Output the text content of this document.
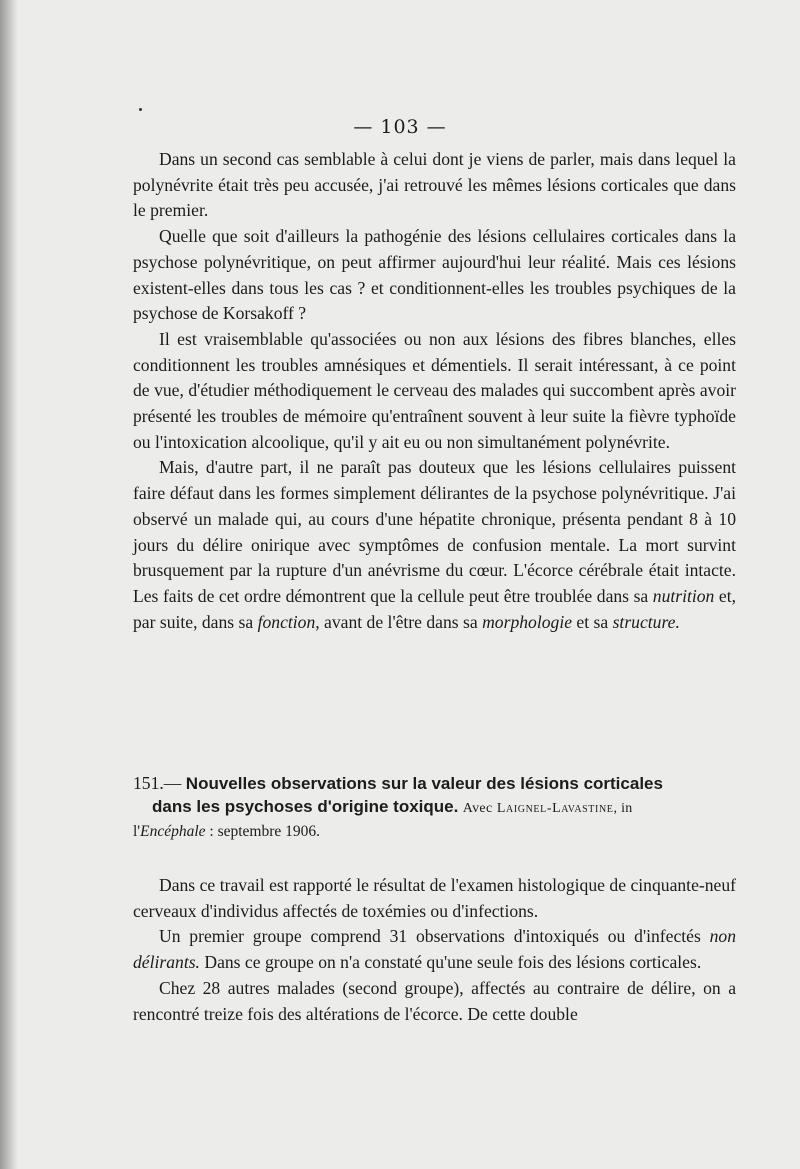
— 103 —

Dans un second cas semblable à celui dont je viens de parler, mais dans lequel la polynévrite était très peu accusée, j'ai retrouvé les mêmes lésions corticales que dans le premier.

Quelle que soit d'ailleurs la pathogénie des lésions cellulaires corticales dans la psychose polynévritique, on peut affirmer aujourd'hui leur réalité. Mais ces lésions existent-elles dans tous les cas ? et conditionnent-elles les troubles psychiques de la psychose de Korsakoff ?

Il est vraisemblable qu'associées ou non aux lésions des fibres blanches, elles conditionnent les troubles amnésiques et démentiels. Il serait intéressant, à ce point de vue, d'étudier méthodiquement le cerveau des malades qui succombent après avoir présenté les troubles de mémoire qu'entraînent souvent à leur suite la fièvre typhoïde ou l'intoxication alcoolique, qu'il y ait eu ou non simultanément polynévrite.

Mais, d'autre part, il ne paraît pas douteux que les lésions cellulaires puissent faire défaut dans les formes simplement délirantes de la psychose polynévritique. J'ai observé un malade qui, au cours d'une hépatite chronique, présenta pendant 8 à 10 jours du délire onirique avec symptômes de confusion mentale. La mort survint brusquement par la rupture d'un anévrisme du cœur. L'écorce cérébrale était intacte. Les faits de cet ordre démontrent que la cellule peut être troublée dans sa nutrition et, par suite, dans sa fonction, avant de l'être dans sa morphologie et sa structure.

151.— Nouvelles observations sur la valeur des lésions corticales
dans les psychoses d'origine toxique. Avec Laignel-Lavastine, in
l'Encéphale : septembre 1906.

Dans ce travail est rapporté le résultat de l'examen histologique de cinquante-neuf cerveaux d'individus affectés de toxémies ou d'infections.

Un premier groupe comprend 31 observations d'intoxiqués ou d'infectés non délirants. Dans ce groupe on n'a constaté qu'une seule fois des lésions corticales.

Chez 28 autres malades (second groupe), affectés au contraire de délire, on a rencontré treize fois des altérations de l'écorce. De cette double
